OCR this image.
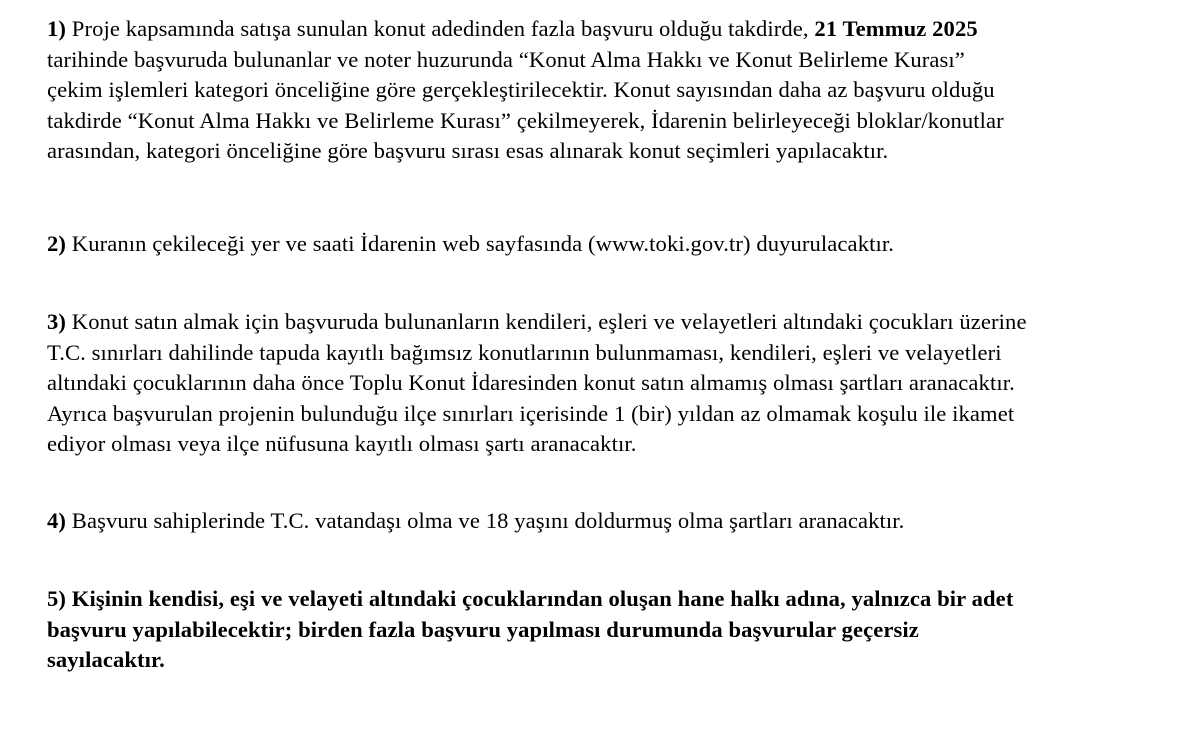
1) Proje kapsamında satışa sunulan konut adedinden fazla başvuru olduğu takdirde, 21 Temmuz 2025
tarihinde başvuruda bulunanlar ve noter huzurunda “Konut Alma Hakkı ve Konut Belirleme Kurası”
çekim işlemleri kategori önceliğine göre gerçekleştirilecektir. Konut sayısından daha az başvuru olduğu
takdirde “Konut Alma Hakkı ve Belirleme Kurası” çekilmeyerek, İdarenin belirleyeceği bloklar/konutlar
arasından, kategori önceliğine göre başvuru sırası esas alınarak konut seçimleri yapılacaktır.

2) Kuranın çekileceği yer ve saati İdarenin web sayfasında (www.toki.gov.tr) duyurulacaktır.

3) Konut satın almak için başvuruda bulunanların kendileri, eşleri ve velayetleri altındaki çocukları üzerine
T.C. sınırları dahilinde tapuda kayıtlı bağımsız konutlarının bulunmaması, kendileri, eşleri ve velayetleri
altındaki çocuklarının daha önce Toplu Konut İdaresinden konut satın almamış olması şartları aranacaktır.
Ayrıca başvurulan projenin bulunduğu ilçe sınırları içerisinde 1 (bir) yıldan az olmamak koşulu ile ikamet
ediyor olması veya ilçe nüfusuna kayıtlı olması şartı aranacaktır.

4) Başvuru sahiplerinde T.C. vatandaşı olma ve 18 yaşını doldurmuş olma şartları aranacaktır.

5) Kişinin kendisi, eşi ve velayeti altındaki çocuklarından oluşan hane halkı adına, yalnızca bir adet
başvuru yapılabilecektir; birden fazla başvuru yapılması durumunda başvurular geçersiz
sayılacaktır.
